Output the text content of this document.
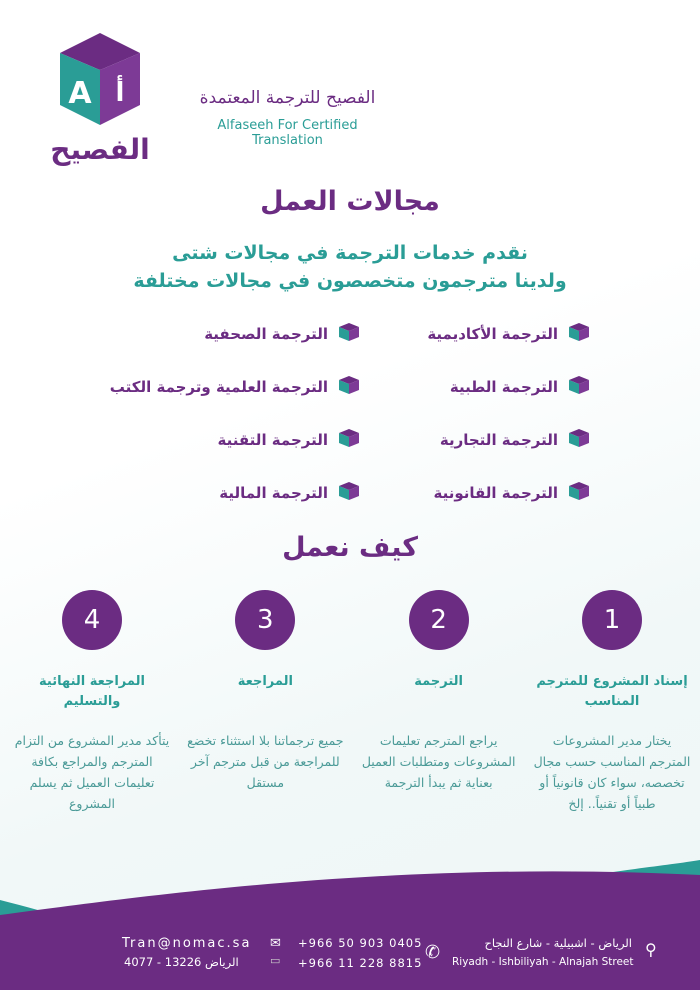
A أ
الفصيح
الفصيح للترجمة المعتمدة
Alfaseeh For Certified Translation
مجالات العمل
نقدم خدمات الترجمة في مجالات شتى
ولدينا مترجمون متخصصون في مجالات مختلفة
الترجمة الأكاديمية
الترجمة الطبية
الترجمة التجارية
الترجمة القانونية
الترجمة الصحفية
الترجمة العلمية وترجمة الكتب
الترجمة التقنية
الترجمة المالية
كيف نعمل
1
إسناد المشروع للمترجم المناسب
يختار مدير المشروعات المترجم المناسب حسب مجال تخصصه، سواء كان قانونياً أو طبياً أو تقنياً.. إلخ
2
الترجمة
يراجع المترجم تعليمات المشروعات ومتطلبات العميل بعناية ثم يبدأ الترجمة
3
المراجعة
جميع ترجماتنا بلا استثناء تخضع للمراجعة من قبل مترجم آخر مستقل
4
المراجعة النهائية والتسليم
يتأكد مدير المشروع من التزام المترجم والمراجع بكافة تعليمات العميل ثم يسلم المشروع
Tran@nomac.sa ✉
الرياض 13226 - 4077	▭
+966 50 903 0405
+966 11 228 8815 ✆	الرياض - اشبيلية - شارع النجاح
Riyadh - Ishbiliyah - Alnajah Street
⚲
